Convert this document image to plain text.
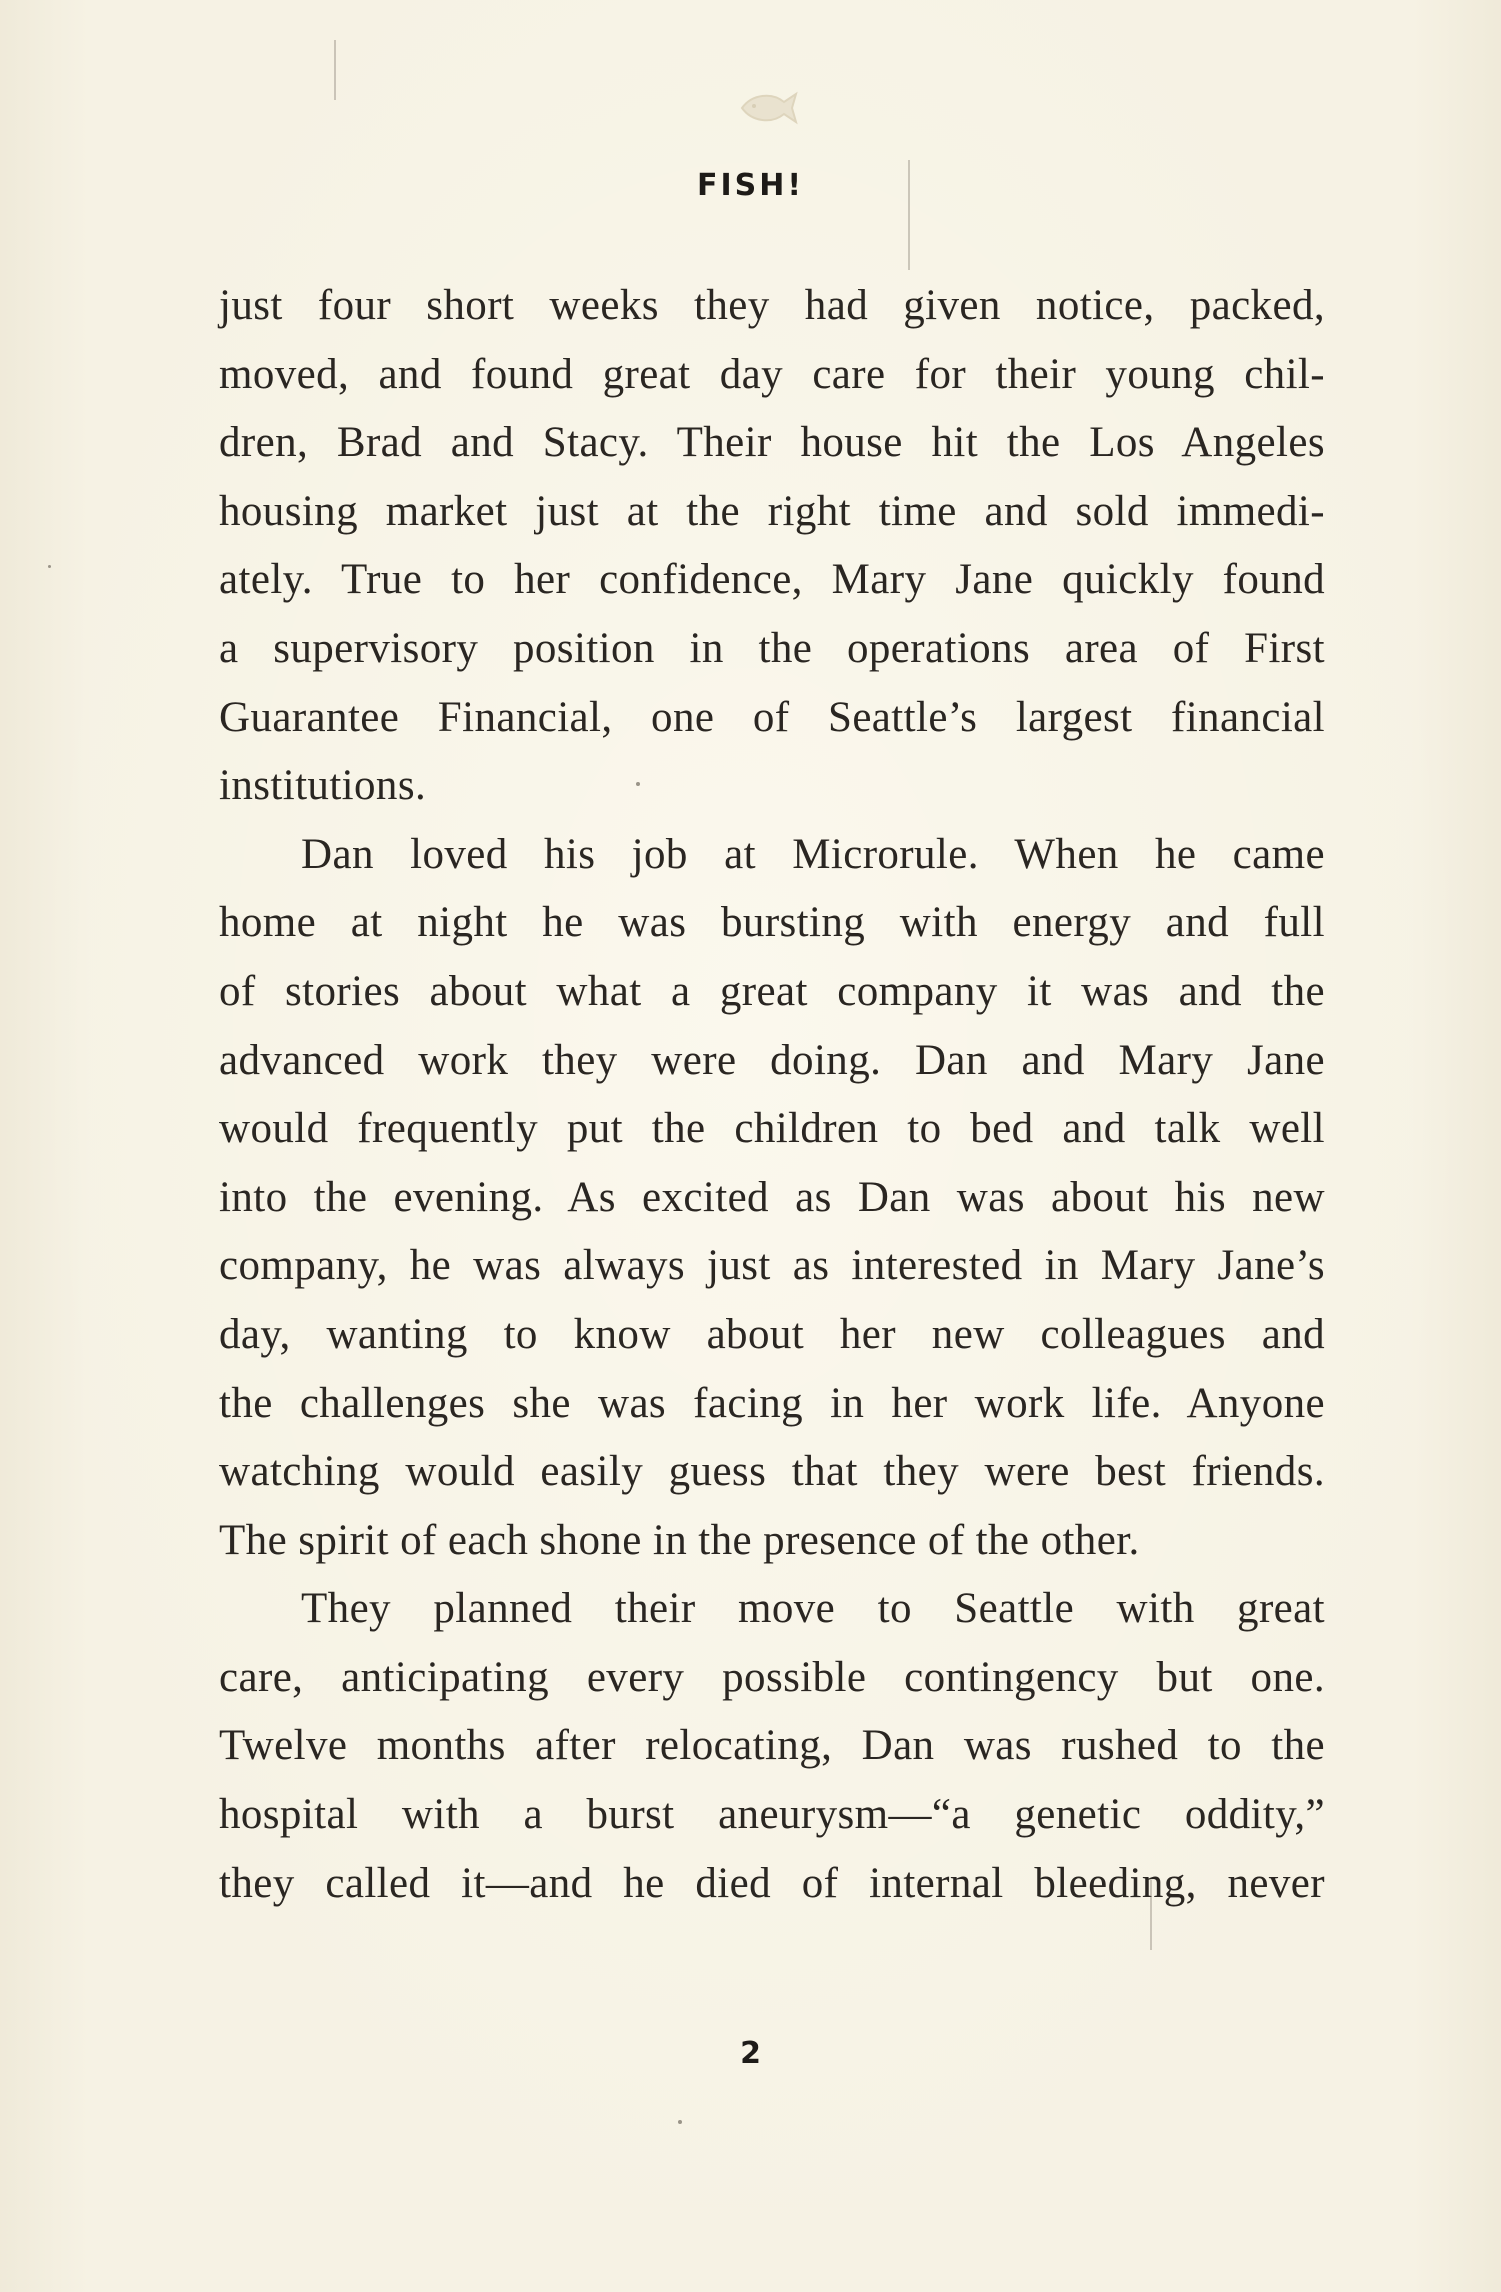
FISH!

just four short weeks they had given notice, packed,
moved, and found great day care for their young chil-
dren, Brad and Stacy. Their house hit the Los Angeles
housing market just at the right time and sold immedi-
ately. True to her confidence, Mary Jane quickly found
a supervisory position in the operations area of First
Guarantee Financial, one of Seattle’s largest financial
institutions.

Dan loved his job at Microrule. When he came
home at night he was bursting with energy and full
of stories about what a great company it was and the
advanced work they were doing. Dan and Mary Jane
would frequently put the children to bed and talk well
into the evening. As excited as Dan was about his new
company, he was always just as interested in Mary Jane’s
day, wanting to know about her new colleagues and
the challenges she was facing in her work life. Anyone
watching would easily guess that they were best friends.
The spirit of each shone in the presence of the other.

They planned their move to Seattle with great
care, anticipating every possible contingency but one.
Twelve months after relocating, Dan was rushed to the
hospital with a burst aneurysm—“a genetic oddity,”
they called it—and he died of internal bleeding, never

2
